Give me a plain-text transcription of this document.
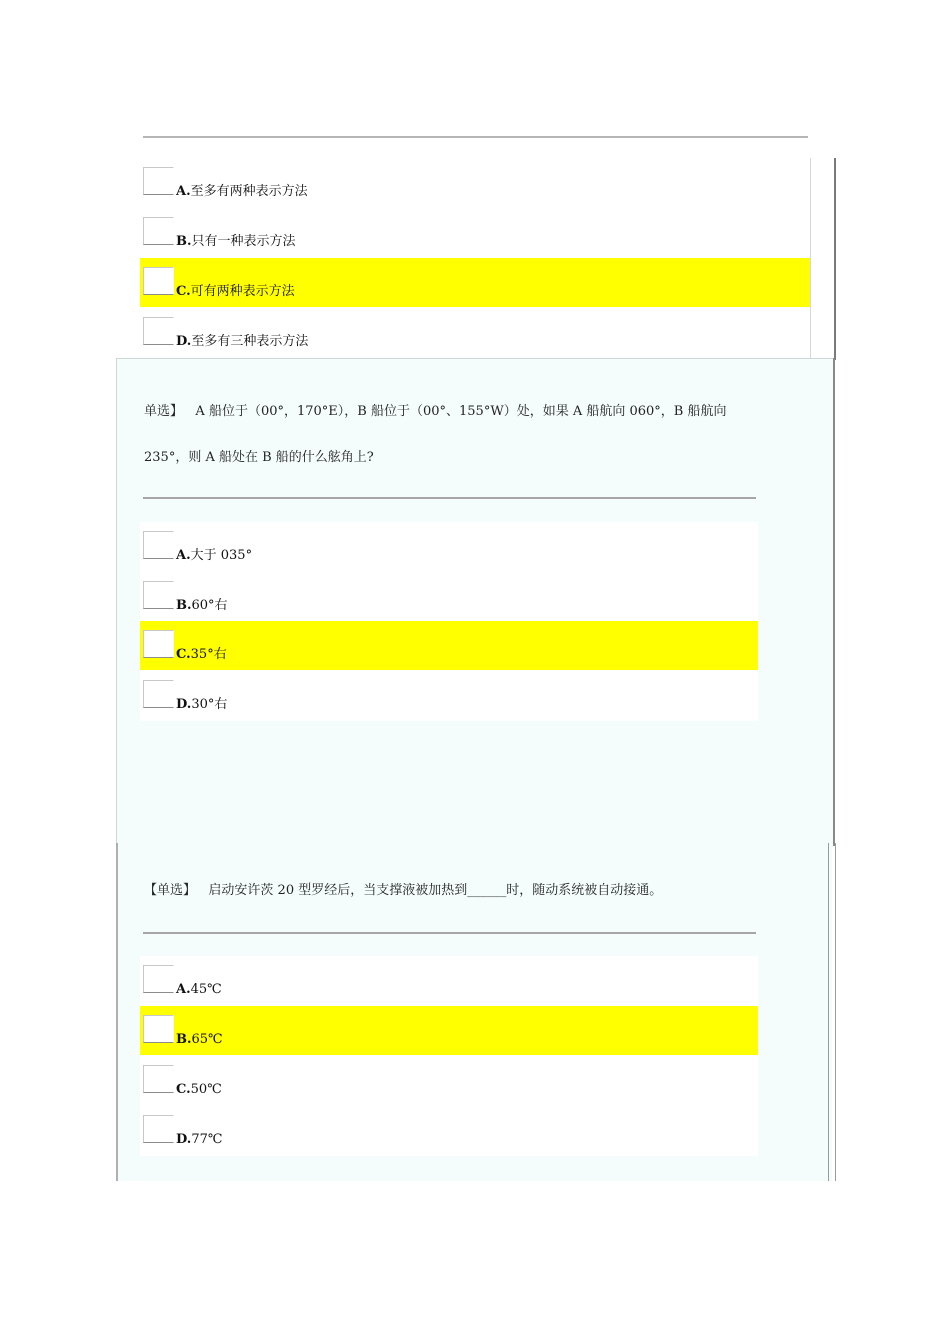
A.至多有两种表示方法
B.只有一种表示方法
C.可有两种表示方法
D.至多有三种表示方法
单选】 A 船位于（00°，170°E），B 船位于（00°、155°W）处，如果 A 船航向 060°，B 船航向
235°，则 A 船处在 B 船的什么舷角上?
A.大于 035°
B.60°右
C.35°右
D.30°右
【单选】 启动安许茨 20 型罗经后，当支撑液被加热到______时，随动系统被自动接通。
A.45℃
B.65℃
C.50℃
D.77℃
